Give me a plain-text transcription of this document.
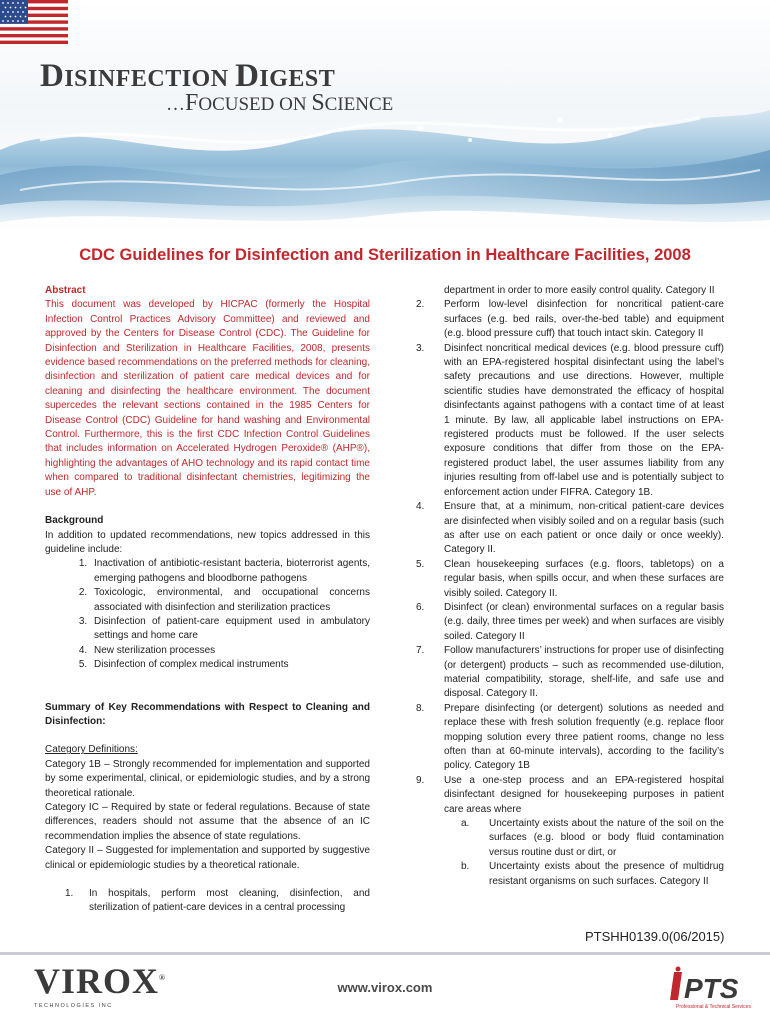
DISINFECTION DIGEST
…FOCUSED ON SCIENCE
CDC Guidelines for Disinfection and Sterilization in Healthcare Facilities, 2008

Abstract

This document was developed by HICPAC (formerly the Hospital Infection Control Practices Advisory Committee) and reviewed and approved by the Centers for Disease Control (CDC). The Guideline for Disinfection and Sterilization in Healthcare Facilities, 2008, presents evidence based recommendations on the preferred methods for cleaning, disinfection and sterilization of patient care medical devices and for cleaning and disinfecting the healthcare environment. The document supercedes the relevant sections contained in the 1985 Centers for Disease Control (CDC) Guideline for hand washing and Environmental Control. Furthermore, this is the first CDC Infection Control Guidelines that includes information on Accelerated Hydrogen Peroxide® (AHP®), highlighting the advantages of AHO technology and its rapid contact time when compared to traditional disinfectant chemistries, legitimizing the use of AHP.

Background

In addition to updated recommendations, new topics addressed in this guideline include:

1. Inactivation of antibiotic-resistant bacteria, bioterrorist agents, emerging pathogens and bloodborne pathogens
2. Toxicologic, environmental, and occupational concerns associated with disinfection and sterilization practices
3. Disinfection of patient-care equipment used in ambulatory settings and home care
4. New sterilization processes
5. Disinfection of complex medical instruments

Summary of Key Recommendations with Respect to Cleaning and Disinfection:

Category Definitions:

Category 1B – Strongly recommended for implementation and supported by some experimental, clinical, or epidemiologic studies, and by a strong theoretical rationale.

Category IC – Required by state or federal regulations. Because of state differences, readers should not assume that the absence of an IC recommendation implies the absence of state regulations.

Category II – Suggested for implementation and supported by suggestive clinical or epidemiologic studies by a theoretical rationale.

1.	In hospitals, perform most cleaning, disinfection, and sterilization of patient-care devices in a central processing
department in order to more easily control quality. Category II
2.	Perform low-level disinfection for noncritical patient-care surfaces (e.g. bed rails, over-the-bed table) and equipment (e.g. blood pressure cuff) that touch intact skin. Category II
3.	Disinfect noncritical medical devices (e.g. blood pressure cuff) with an EPA-registered hospital disinfectant using the label’s safety precautions and use directions. However, multiple scientific studies have demonstrated the efficacy of hospital disinfectants against pathogens with a contact time of at least 1 minute. By law, all applicable label instructions on EPA-registered products must be followed. If the user selects exposure conditions that differ from those on the EPA-registered product label, the user assumes liability from any injuries resulting from off-label use and is potentially subject to enforcement action under FIFRA. Category 1B.
4.	Ensure that, at a minimum, non-critical patient-care devices are disinfected when visibly soiled and on a regular basis (such as after use on each patient or once daily or once weekly). Category II.
5.	Clean housekeeping surfaces (e.g. floors, tabletops) on a regular basis, when spills occur, and when these surfaces are visibly soiled. Category II.
6.	Disinfect (or clean) environmental surfaces on a regular basis (e.g. daily, three times per week) and when surfaces are visibly soiled. Category II
7.	Follow manufacturers’ instructions for proper use of disinfecting (or detergent) products – such as recommended use-dilution, material compatibility, storage, shelf-life, and safe use and disposal. Category II.
8.	Prepare disinfecting (or detergent) solutions as needed and replace these with fresh solution frequently (e.g. replace floor mopping solution every three patient rooms, change no less often than at 60-minute intervals), according to the facility’s policy. Category 1B
9.	Use a one-step process and an EPA-registered hospital disinfectant designed for housekeeping purposes in patient care areas where
a.	Uncertainty exists about the nature of the soil on the surfaces (e.g. blood or body fluid contamination versus routine dust or dirt, or
b.	Uncertainty exists about the presence of multidrug resistant organisms on such surfaces. Category II
PTSHH0139.0(06/2015)
VIROX®
TECHNOLOGIES INC
www.virox.com	PTS
Professional & Technical Services
